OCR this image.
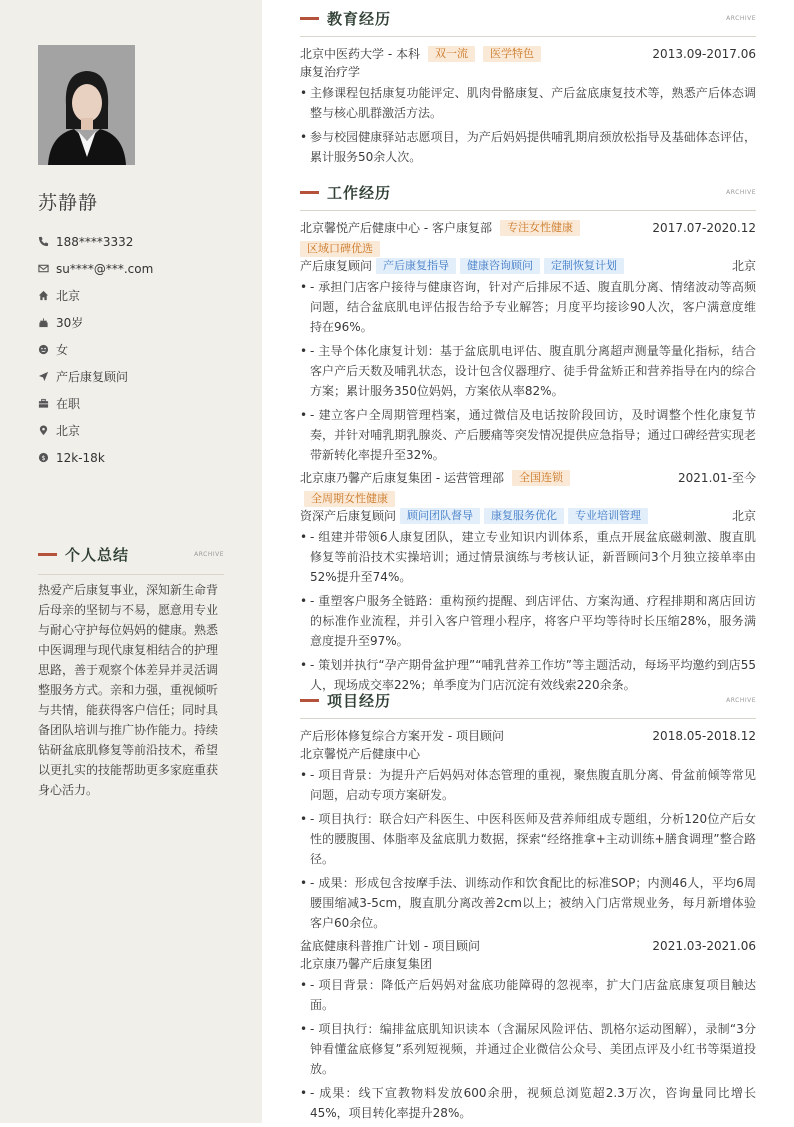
苏静静
188****3332
su****@***.com
北京
30岁
女
产后康复顾问
在职
北京
$ 12k-18k
个人总结	ARCHIVE
热爱产后康复事业，深知新生命背后母亲的坚韧与不易，愿意用专业与耐心守护每位妈妈的健康。熟悉中医调理与现代康复相结合的护理思路，善于观察个体差异并灵活调整服务方式。亲和力强，重视倾听与共情，能获得客户信任；同时具备团队培训与推广协作能力。持续钻研盆底肌修复等前沿技术，希望以更扎实的技能帮助更多家庭重获身心活力。
教育经历	ARCHIVE
北京中医药大学 - 本科	双一流	医学特色	2013.09-2017.06
康复治疗学
• 主修课程包括康复功能评定、肌肉骨骼康复、产后盆底康复技术等，熟悉产后体态调整与核心肌群激活方法。
• 参与校园健康驿站志愿项目，为产后妈妈提供哺乳期肩颈放松指导及基础体态评估，累计服务50余人次。
工作经历	ARCHIVE
北京馨悦产后健康中心 - 客户康复部	专注女性健康
区域口碑优选
2017.07-2020.12
产后康复顾问	产后康复指导	健康咨询顾问	定制恢复计划	北京
• - 承担门店客户接待与健康咨询，针对产后排尿不适、腹直肌分离、情绪波动等高频问题，结合盆底肌电评估报告给予专业解答；月度平均接诊90人次，客户满意度维持在96%。
• - 主导个体化康复计划：基于盆底肌电评估、腹直肌分离超声测量等量化指标，结合客户产后天数及哺乳状态，设计包含仪器理疗、徒手骨盆矫正和营养指导在内的综合方案；累计服务350位妈妈，方案依从率82%。
• - 建立客户全周期管理档案，通过微信及电话按阶段回访，及时调整个性化康复节奏，并针对哺乳期乳腺炎、产后腰痛等突发情况提供应急指导；通过口碑经营实现老带新转化率提升至32%。
北京康乃馨产后康复集团 - 运营管理部	全国连锁
全周期女性健康
2021.01-至今
资深产后康复顾问	顾问团队督导	康复服务优化	专业培训管理	北京
• - 组建并带领6人康复团队，建立专业知识内训体系，重点开展盆底磁刺激、腹直肌修复等前沿技术实操培训；通过情景演练与考核认证，新晋顾问3个月独立接单率由52%提升至74%。
• - 重塑客户服务全链路：重构预约提醒、到店评估、方案沟通、疗程排期和离店回访的标准作业流程，并引入客户管理小程序，将客户平均等待时长压缩28%，服务满意度提升至97%。
• - 策划并执行“孕产期骨盆护理”“哺乳营养工作坊”等主题活动，每场平均邀约到店55人，现场成交率22%；单季度为门店沉淀有效线索220余条。
项目经历	ARCHIVE
产后形体修复综合方案开发 - 项目顾问	2018.05-2018.12
北京馨悦产后健康中心
• - 项目背景：为提升产后妈妈对体态管理的重视，聚焦腹直肌分离、骨盆前倾等常见问题，启动专项方案研发。
• - 项目执行：联合妇产科医生、中医科医师及营养师组成专题组，分析120位产后女性的腰腹围、体脂率及盆底肌力数据，探索“经络推拿+主动训练+膳食调理”整合路径。
• - 成果：形成包含按摩手法、训练动作和饮食配比的标准SOP；内测46人，平均6周腰围缩减3-5cm，腹直肌分离改善2cm以上；被纳入门店常规业务，每月新增体验客户60余位。
盆底健康科普推广计划 - 项目顾问	2021.03-2021.06
北京康乃馨产后康复集团
• - 项目背景：降低产后妈妈对盆底功能障碍的忽视率，扩大门店盆底康复项目触达面。
• - 项目执行：编排盆底肌知识读本（含漏尿风险评估、凯格尔运动图解），录制“3分钟看懂盆底修复”系列短视频，并通过企业微信公众号、美团点评及小红书等渠道投放。
• - 成果：线下宣教物料发放600余册，视频总浏览超2.3万次，咨询量同比增长45%，项目转化率提升28%。
